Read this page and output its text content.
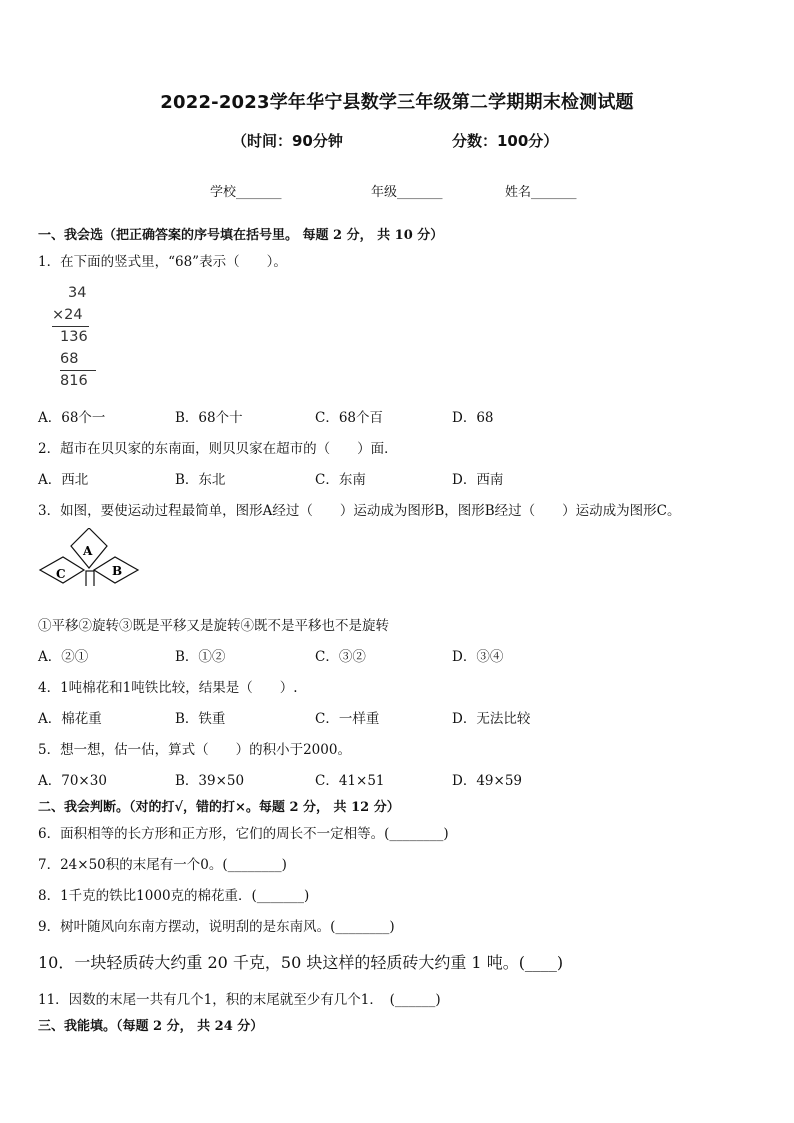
2022-2023学年华宁县数学三年级第二学期期末检测试题
（时间：90分钟	分数：100分）
学校_______	年级_______	姓名_______
一、我会选（把正确答案的序号填在括号里。 每题 2 分， 共 10 分）
1．在下面的竖式里，“68”表示（　　）。
34
×24
136
68
816
A．68个一	B．68个十	C．68个百	D．68
2．超市在贝贝家的东南面，则贝贝家在超市的（　　）面．
A．西北	B．东北	C．东南	D．西南
3．如图，要使运动过程最简单，图形A经过（　　）运动成为图形B，图形B经过（　　）运动成为图形C。
A
B
C
①平移②旋转③既是平移又是旋转④既不是平移也不是旋转
A．②①	B．①②	C．③②	D．③④
4．1吨棉花和1吨铁比较，结果是（　　）.
A．棉花重	B．铁重	C．一样重	D．无法比较
5．想一想，估一估，算式（　　）的积小于2000。
A．70×30	B．39×50	C．41×51	D．49×59
二、我会判断。（对的打√，错的打×。每题 2 分， 共 12 分）
6．面积相等的长方形和正方形，它们的周长不一定相等。(________)
7．24×50积的末尾有一个0。(________)
8．1千克的铁比1000克的棉花重．(_______)
9．树叶随风向东南方摆动，说明刮的是东南风。(________)
10．一块轻质砖大约重 20 千克，50 块这样的轻质砖大约重 1 吨。(____)
11．因数的末尾一共有几个1，积的末尾就至少有几个1．　(______)
三、我能填。（每题 2 分， 共 24 分）
